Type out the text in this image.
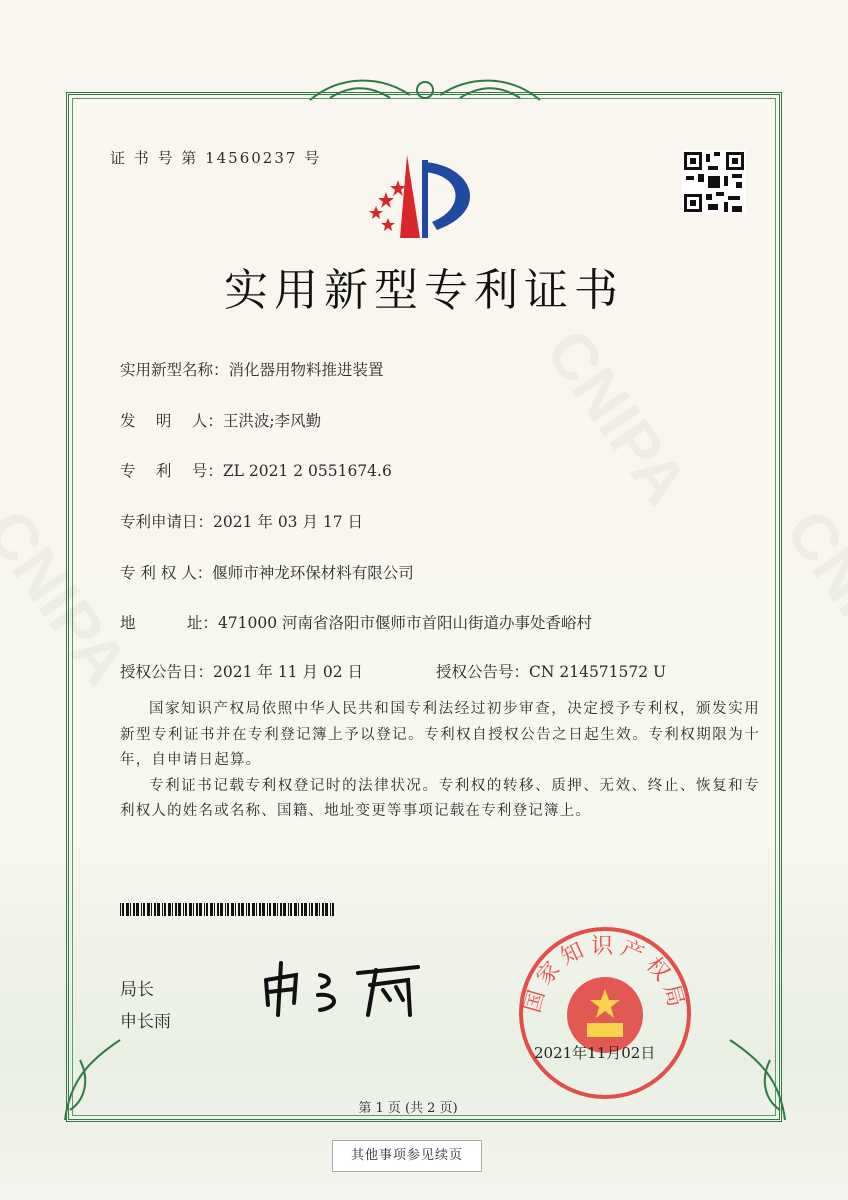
证 书 号 第 14560237 号
实用新型专利证书
实用新型名称：消化器用物料推进装置
发　 明　 人：王洪波;李风勤
专　 利　 号：ZL 2021 2 0551674.6
专利申请日：2021 年 03 月 17 日
专 利 权 人：偃师市神龙环保材料有限公司
地　　　 址：471000 河南省洛阳市偃师市首阳山街道办事处香峪村
授权公告日：2021 年 11 月 02 日	授权公告号：CN 214571572 U

国家知识产权局依照中华人民共和国专利法经过初步审查，决定授予专利权，颁发实用新型专利证书并在专利登记簿上予以登记。专利权自授权公告之日起生效。专利权期限为十年，自申请日起算。

专利证书记载专利权登记时的法律状况。专利权的转移、质押、无效、终止、恢复和专利权人的姓名或名称、国籍、地址变更等事项记载在专利登记簿上。

局长
申长雨
国家知识产权局
2021年11月02日
第 1 页 (共 2 页)
其他事项参见续页
